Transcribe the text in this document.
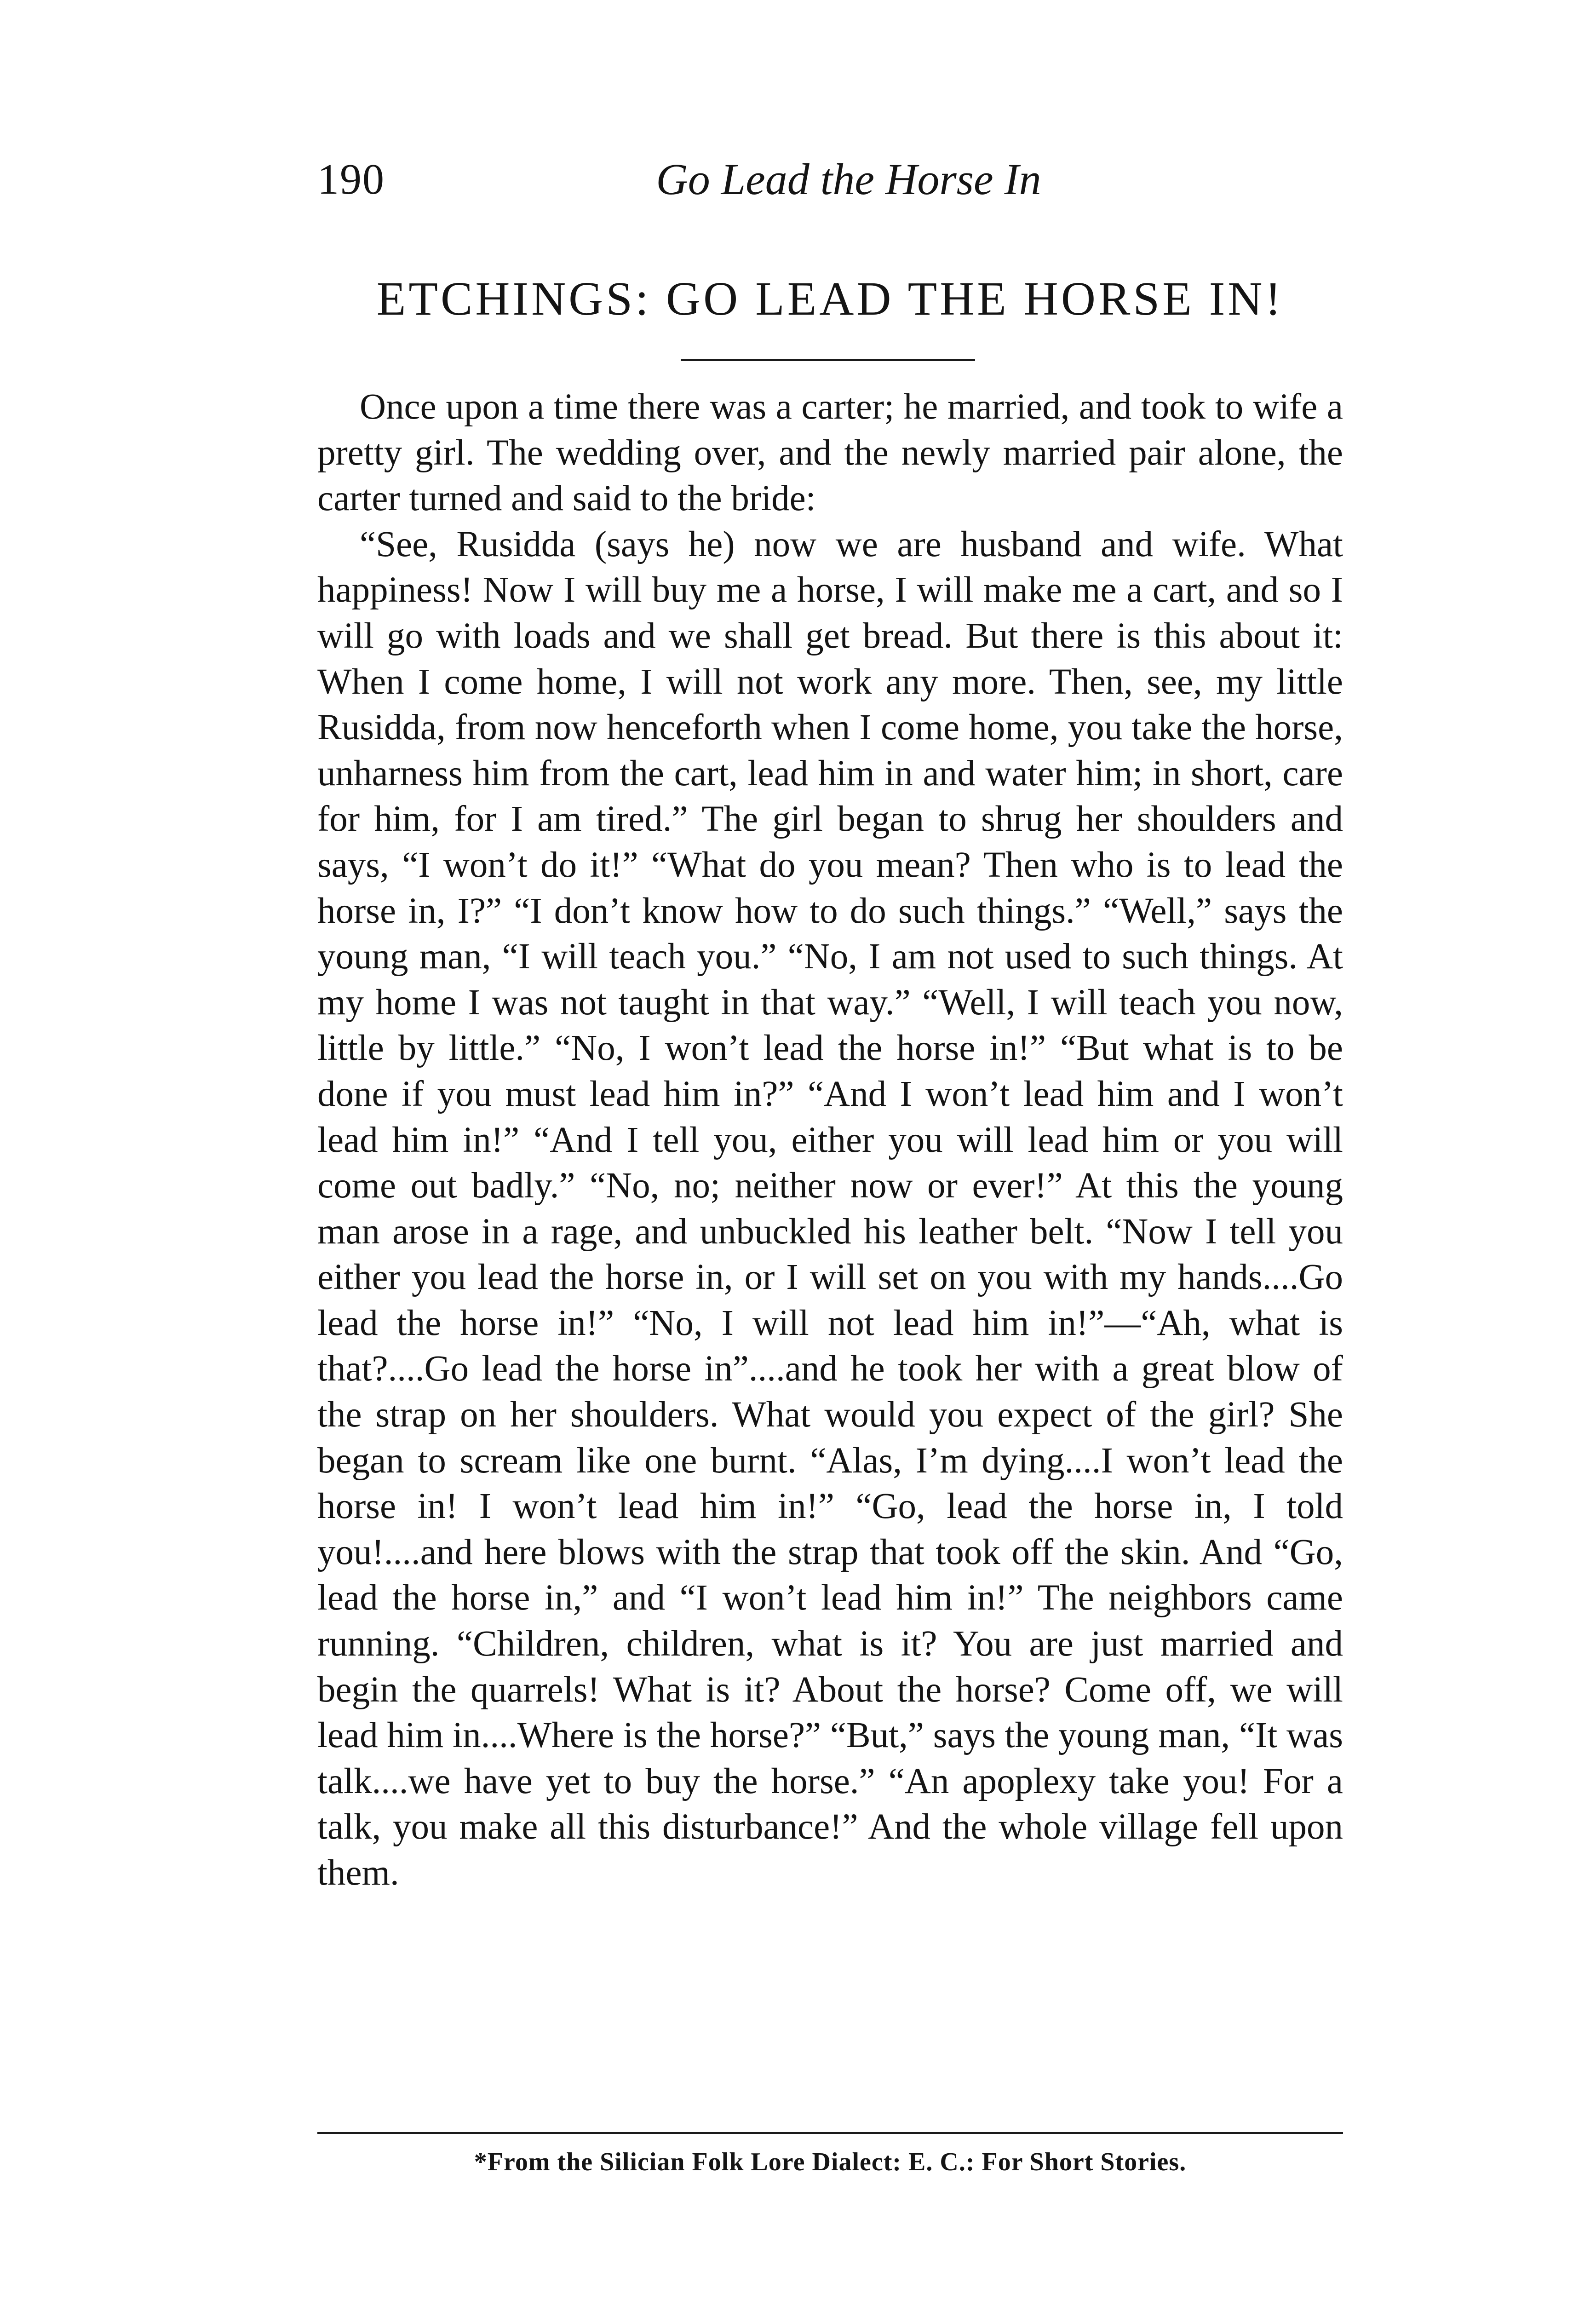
190	Go Lead the Horse In
ETCHINGS: GO LEAD THE HORSE IN!

Once upon a time there was a carter; he married, and took to wife a pretty girl. The wedding over, and the newly married pair alone, the carter turned and said to the bride:

“See, Rusidda (says he) now we are husband and wife. What happiness! Now I will buy me a horse, I will make me a cart, and so I will go with loads and we shall get bread. But there is this about it: When I come home, I will not work any more. Then, see, my little Rusidda, from now henceforth when I come home, you take the horse, unharness him from the cart, lead him in and water him; in short, care for him, for I am tired.” The girl began to shrug her shoulders and says, “I won’t do it!” “What do you mean? Then who is to lead the horse in, I?” “I don’t know how to do such things.” “Well,” says the young man, “I will teach you.” “No, I am not used to such things. At my home I was not taught in that way.” “Well, I will teach you now, little by little.” “No, I won’t lead the horse in!” “But what is to be done if you must lead him in?” “And I won’t lead him and I won’t lead him in!” “And I tell you, either you will lead him or you will come out badly.” “No, no; neither now or ever!” At this the young man arose in a rage, and unbuckled his leather belt. “Now I tell you either you lead the horse in, or I will set on you with my hands....Go lead the horse in!” “No, I will not lead him in!”—“Ah, what is that?....Go lead the horse in”....and he took her with a great blow of the strap on her shoulders. What would you expect of the girl? She began to scream like one burnt. “Alas, I’m dying....I won’t lead the horse in! I won’t lead him in!” “Go, lead the horse in, I told you!....and here blows with the strap that took off the skin. And “Go, lead the horse in,” and “I won’t lead him in!” The neighbors came running. “Children, children, what is it? You are just married and begin the quarrels! What is it? About the horse? Come off, we will lead him in....Where is the horse?” “But,” says the young man, “It was talk....we have yet to buy the horse.” “An apoplexy take you! For a talk, you make all this disturbance!” And the whole village fell upon them.

*From the Silician Folk Lore Dialect: E. C.: For Short Stories.
